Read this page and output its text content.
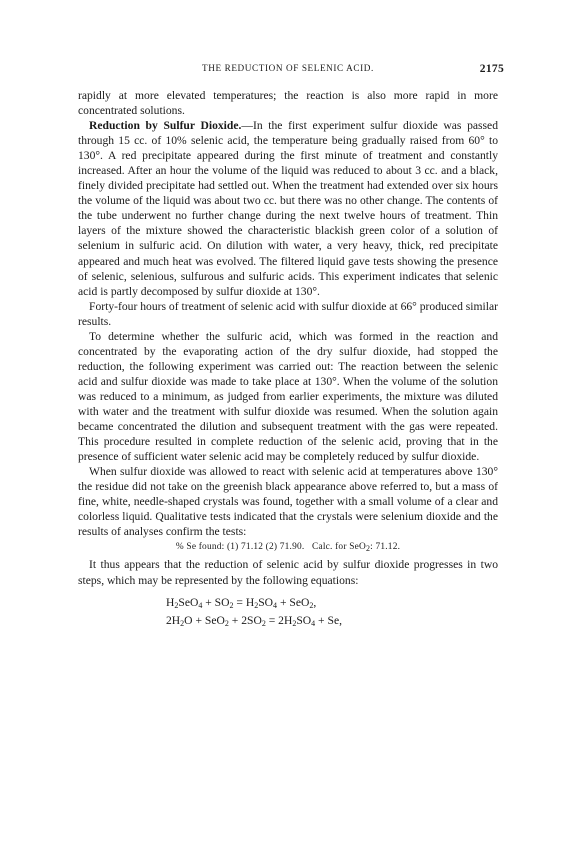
THE REDUCTION OF SELENIC ACID.	2175

rapidly at more elevated temperatures; the reaction is also more rapid in more concentrated solutions.

Reduction by Sulfur Dioxide.—In the first experiment sulfur dioxide was passed through 15 cc. of 10% selenic acid, the temperature being gradually raised from 60° to 130°. A red precipitate appeared during the first minute of treatment and constantly increased. After an hour the volume of the liquid was reduced to about 3 cc. and a black, finely divided precipitate had settled out. When the treatment had extended over six hours the volume of the liquid was about two cc. but there was no other change. The contents of the tube underwent no further change during the next twelve hours of treatment. Thin layers of the mixture showed the characteristic blackish green color of a solution of selenium in sulfuric acid. On dilution with water, a very heavy, thick, red precipitate appeared and much heat was evolved. The filtered liquid gave tests showing the presence of selenic, selenious, sulfurous and sulfuric acids. This experiment indicates that selenic acid is partly decomposed by sulfur dioxide at 130°.

Forty-four hours of treatment of selenic acid with sulfur dioxide at 66° produced similar results.

To determine whether the sulfuric acid, which was formed in the reaction and concentrated by the evaporating action of the dry sulfur dioxide, had stopped the reduction, the following experiment was carried out: The reaction between the selenic acid and sulfur dioxide was made to take place at 130°. When the volume of the solution was reduced to a minimum, as judged from earlier experiments, the mixture was diluted with water and the treatment with sulfur dioxide was resumed. When the solution again became concentrated the dilution and subsequent treatment with the gas were repeated. This procedure resulted in complete reduction of the selenic acid, proving that in the presence of sufficient water selenic acid may be completely reduced by sulfur dioxide.

When sulfur dioxide was allowed to react with selenic acid at temperatures above 130° the residue did not take on the greenish black appearance above referred to, but a mass of fine, white, needle-shaped crystals was found, together with a small volume of a clear and colorless liquid. Qualitative tests indicated that the crystals were selenium dioxide and the results of analyses confirm the tests:

% Se found: (1) 71.12 (2) 71.90. Calc. for SeO$_2$: 71.12.

It thus appears that the reduction of selenic acid by sulfur dioxide progresses in two steps, which may be represented by the following equations:

$H_2SeO_4 + SO_2 = H_2SO_4 + SeO_2$,
$2H_2O + SeO_2 + 2SO_2 = 2H_2SO_4 + Se$,
